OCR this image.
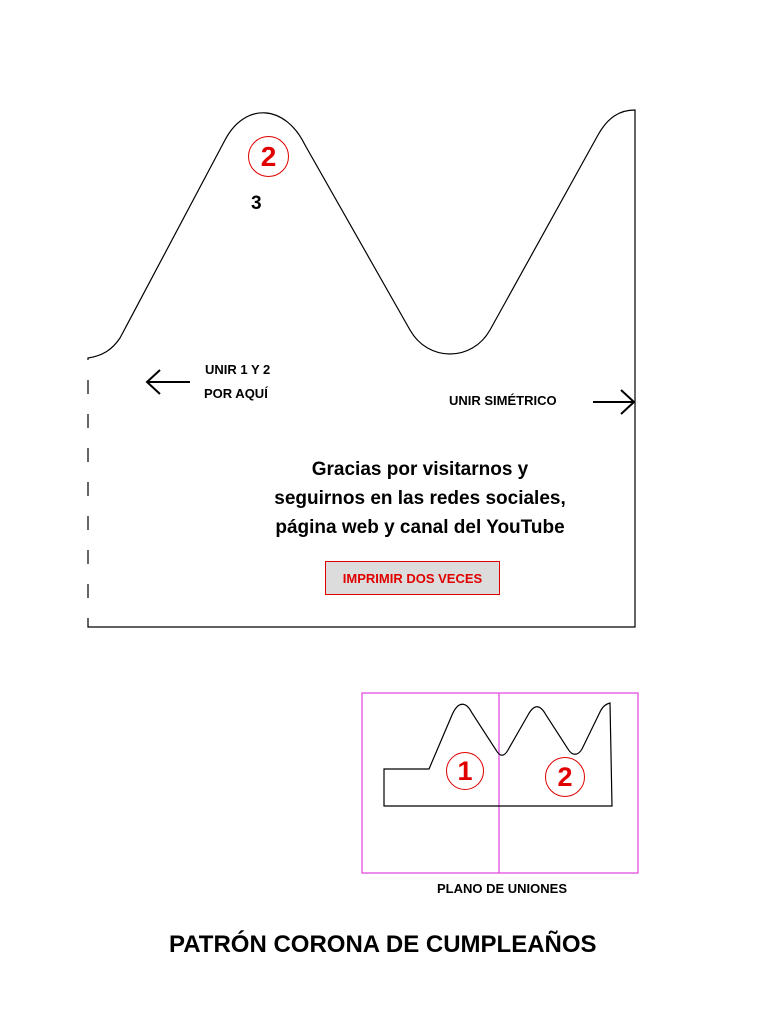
2
3
UNIR 1 Y 2
POR AQUÍ	UNIR SIMÉTRICO
Gracias por visitarnos y
seguirnos en las redes sociales,
página web y canal del YouTube
IMPRIMIR DOS VECES
1	2
PLANO DE UNIONES
PATRÓN CORONA DE CUMPLEAÑOS
